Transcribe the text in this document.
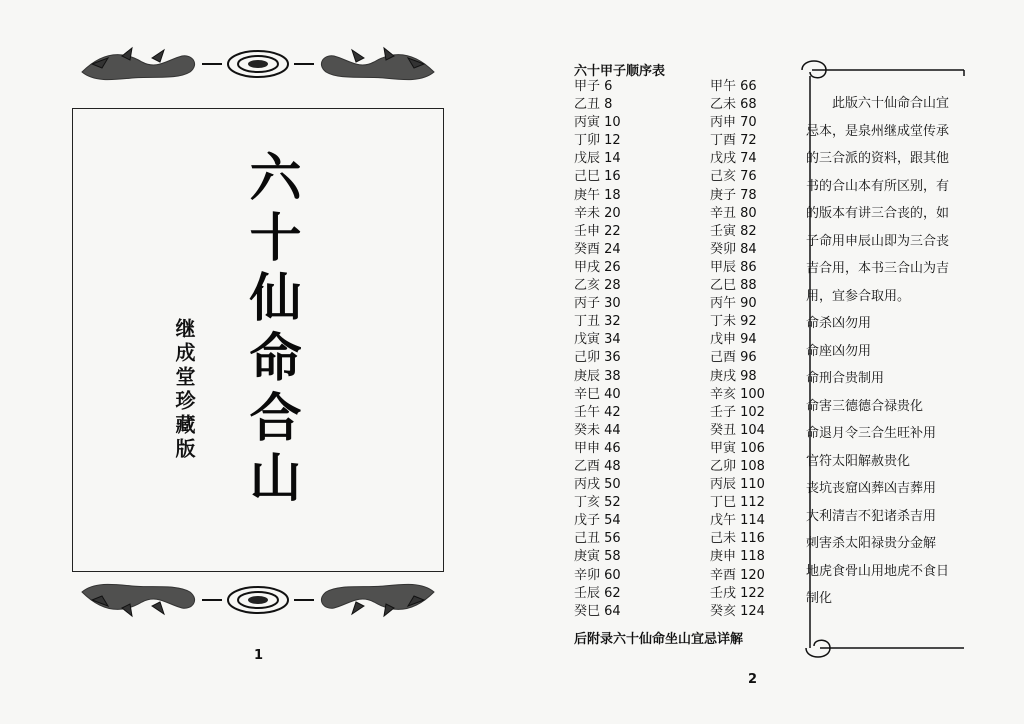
六十仙命合山
继成堂珍藏版
1
六十甲子顺序表
甲子 6
乙丑 8
丙寅 10
丁卯 12
戊辰 14
己巳 16
庚午 18
辛未 20
壬申 22
癸酉 24
甲戌 26
乙亥 28
丙子 30
丁丑 32
戊寅 34
己卯 36
庚辰 38
辛巳 40
壬午 42
癸未 44
甲申 46
乙酉 48
丙戌 50
丁亥 52
戊子 54
己丑 56
庚寅 58
辛卯 60
壬辰 62
癸巳 64
甲午 66
乙未 68
丙申 70
丁酉 72
戊戌 74
己亥 76
庚子 78
辛丑 80
壬寅 82
癸卯 84
甲辰 86
乙巳 88
丙午 90
丁未 92
戊申 94
己酉 96
庚戌 98
辛亥 100
壬子 102
癸丑 104
甲寅 106
乙卯 108
丙辰 110
丁巳 112
戊午 114
己未 116
庚申 118
辛酉 120
壬戌 122
癸亥 124
后附录六十仙命坐山宜忌详解

此版六十仙命合山宜忌本，是泉州继成堂传承的三合派的资料，跟其他书的合山本有所区别，有的版本有讲三合丧的，如子命用申辰山即为三合丧吉合用，本书三合山为吉用，宜参合取用。

命杀凶勿用

命座凶勿用

命刑合贵制用

命害三德德合禄贵化

命退月令三合生旺补用

官符太阳解赦贵化

丧坑丧窟凶葬凶吉葬用

大利清吉不犯诸杀吉用

刺害杀太阳禄贵分金解

地虎食骨山用地虎不食日制化

2
